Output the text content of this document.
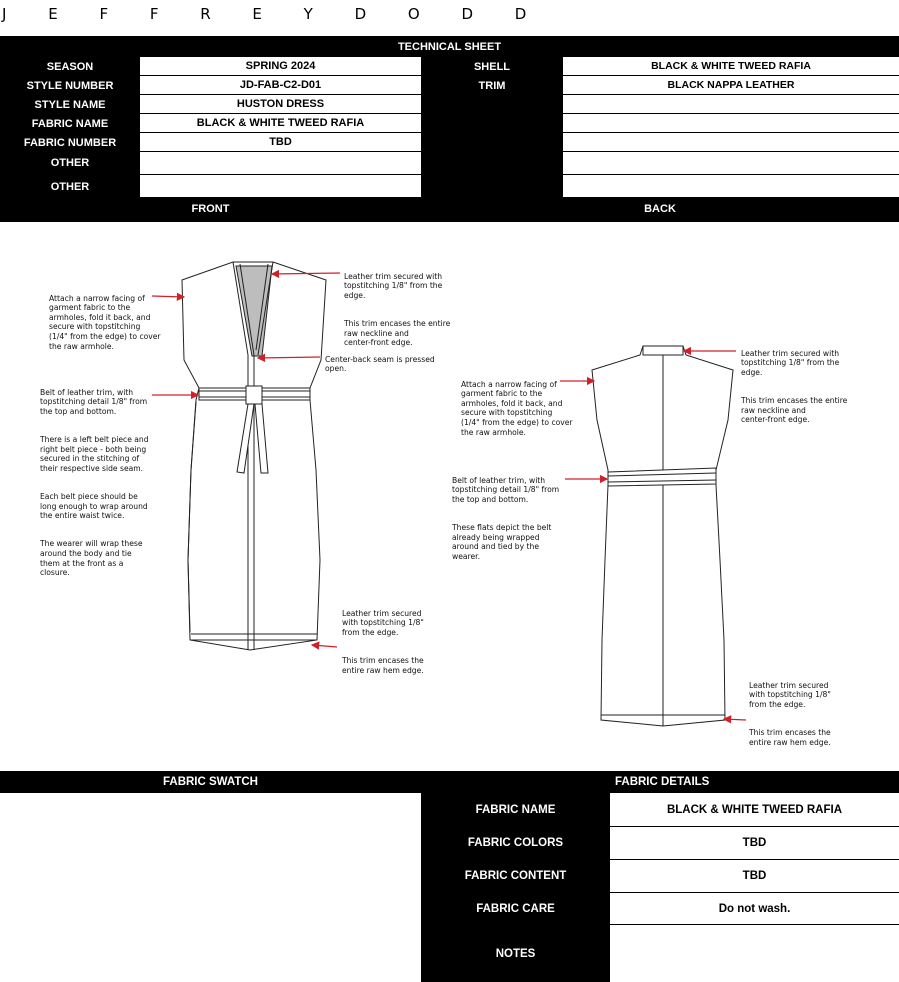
J E F F R E Y D O D D
TECHNICAL SHEET
SEASON
STYLE NUMBER
STYLE NAME
FABRIC NAME
FABRIC NUMBER
OTHER
OTHER
SPRING 2024
JD-FAB-C2-D01
HUSTON DRESS
BLACK & WHITE TWEED RAFIA
TBD
SHELL
TRIM
BLACK & WHITE TWEED RAFIA
BLACK NAPPA LEATHER
FRONT	BACK

Leather trim secured with
topstitching 1/8" from the
edge.

This trim encases the entire
raw neckline and
center-front edge.

Attach a narrow facing of
garment fabric to the
armholes, fold it back, and
secure with topstitching
(1/4" from the edge) to cover
the raw armhole.

Center-back seam is pressed
open.

Belt of leather trim, with
topstitching detail 1/8" from
the top and bottom.

There is a left belt piece and
right belt piece - both being
secured in the stitching of
their respective side seam.

Each belt piece should be
long enough to wrap around
the entire waist twice.

The wearer will wrap these
around the body and tie
them at the front as a
closure.

Leather trim secured
with topstitching 1/8"
from the edge.

This trim encases the
entire raw hem edge.

Leather trim secured with
topstitching 1/8" from the
edge.

This trim encases the entire
raw neckline and
center-front edge.

Attach a narrow facing of
garment fabric to the
armholes, fold it back, and
secure with topstitching
(1/4" from the edge) to cover
the raw armhole.

Belt of leather trim, with
topstitching detail 1/8" from
the top and bottom.

These flats depict the belt
already being wrapped
around and tied by the
wearer.

Leather trim secured
with topstitching 1/8"
from the edge.

This trim encases the
entire raw hem edge.

FABRIC SWATCH	FABRIC DETAILS
FABRIC NAME
FABRIC COLORS
FABRIC CONTENT
FABRIC CARE
NOTES
BLACK & WHITE TWEED RAFIA
TBD
TBD
Do not wash.
